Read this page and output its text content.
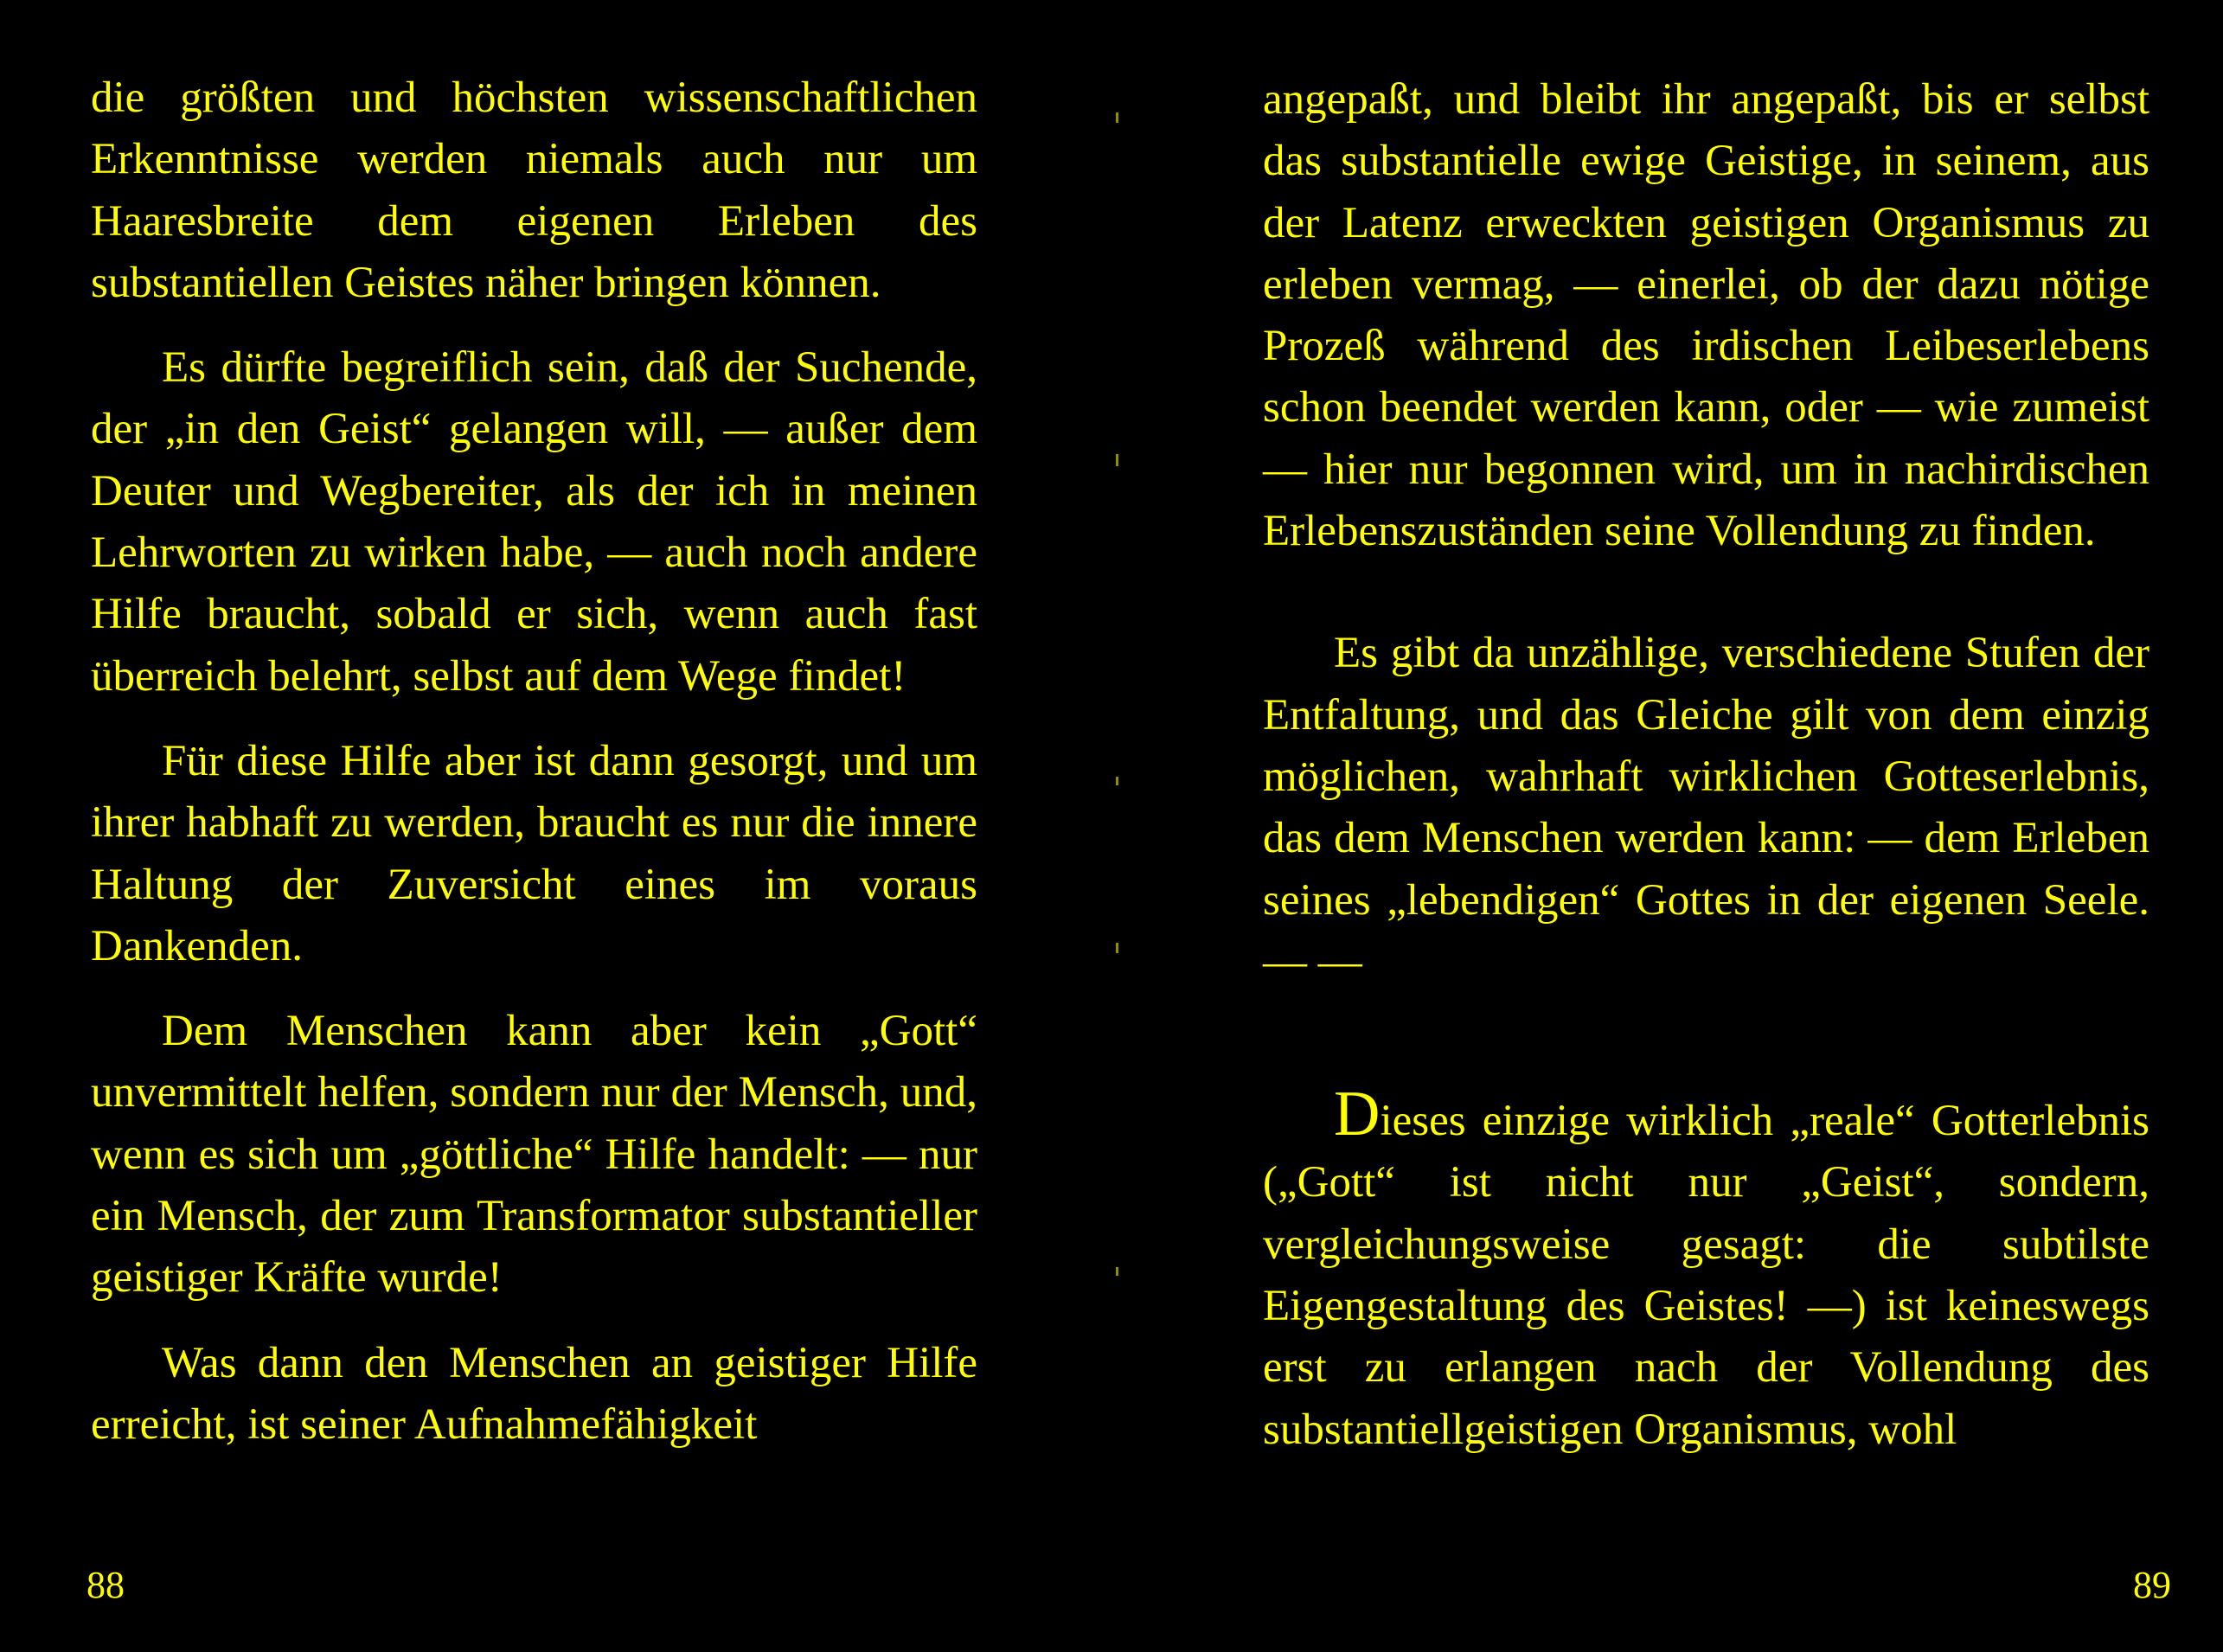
die größten und höchsten wissenschaftlichen Erkenntnisse werden niemals auch nur um Haaresbreite dem eigenen Erleben des substantiellen Geistes näher bringen können.

Es dürfte begreiflich sein, daß der Suchende, der „in den Geist“ gelangen will, — außer dem Deuter und Wegbereiter, als der ich in meinen Lehrworten zu wirken habe, — auch noch andere Hilfe braucht, sobald er sich, wenn auch fast überreich belehrt, selbst auf dem Wege findet!

Für diese Hilfe aber ist dann gesorgt, und um ihrer habhaft zu werden, braucht es nur die innere Haltung der Zuversicht eines im voraus Dankenden.

Dem Menschen kann aber kein „Gott“ unvermittelt helfen, sondern nur der Mensch, und, wenn es sich um „göttliche“ Hilfe handelt: — nur ein Mensch, der zum Transformator substantieller geistiger Kräfte wurde!

Was dann den Menschen an geistiger Hilfe erreicht, ist seiner Aufnahmefähigkeit

88

angepaßt, und bleibt ihr angepaßt, bis er selbst das substantielle ewige Geistige, in seinem, aus der Latenz erweckten geistigen Organismus zu erleben vermag, — einerlei, ob der dazu nötige Prozeß während des irdischen Leibeserlebens schon beendet werden kann, oder — wie zumeist — hier nur begonnen wird, um in nachirdischen Erlebenszuständen seine Vollendung zu finden.

Es gibt da unzählige, verschiedene Stufen der Entfaltung, und das Gleiche gilt von dem einzig möglichen, wahrhaft wirklichen Gotteserlebnis, das dem Menschen werden kann: — dem Erleben seines „lebendigen“ Gottes in der eigenen Seele. — —

Dieses einzige wirklich „reale“ Gotterlebnis („Gott“ ist nicht nur „Geist“, sondern, vergleichungsweise gesagt: die subtilste Eigengestaltung des Geistes! —) ist keineswegs erst zu erlangen nach der Vollendung des substantiellgeistigen Organismus, wohl

89
